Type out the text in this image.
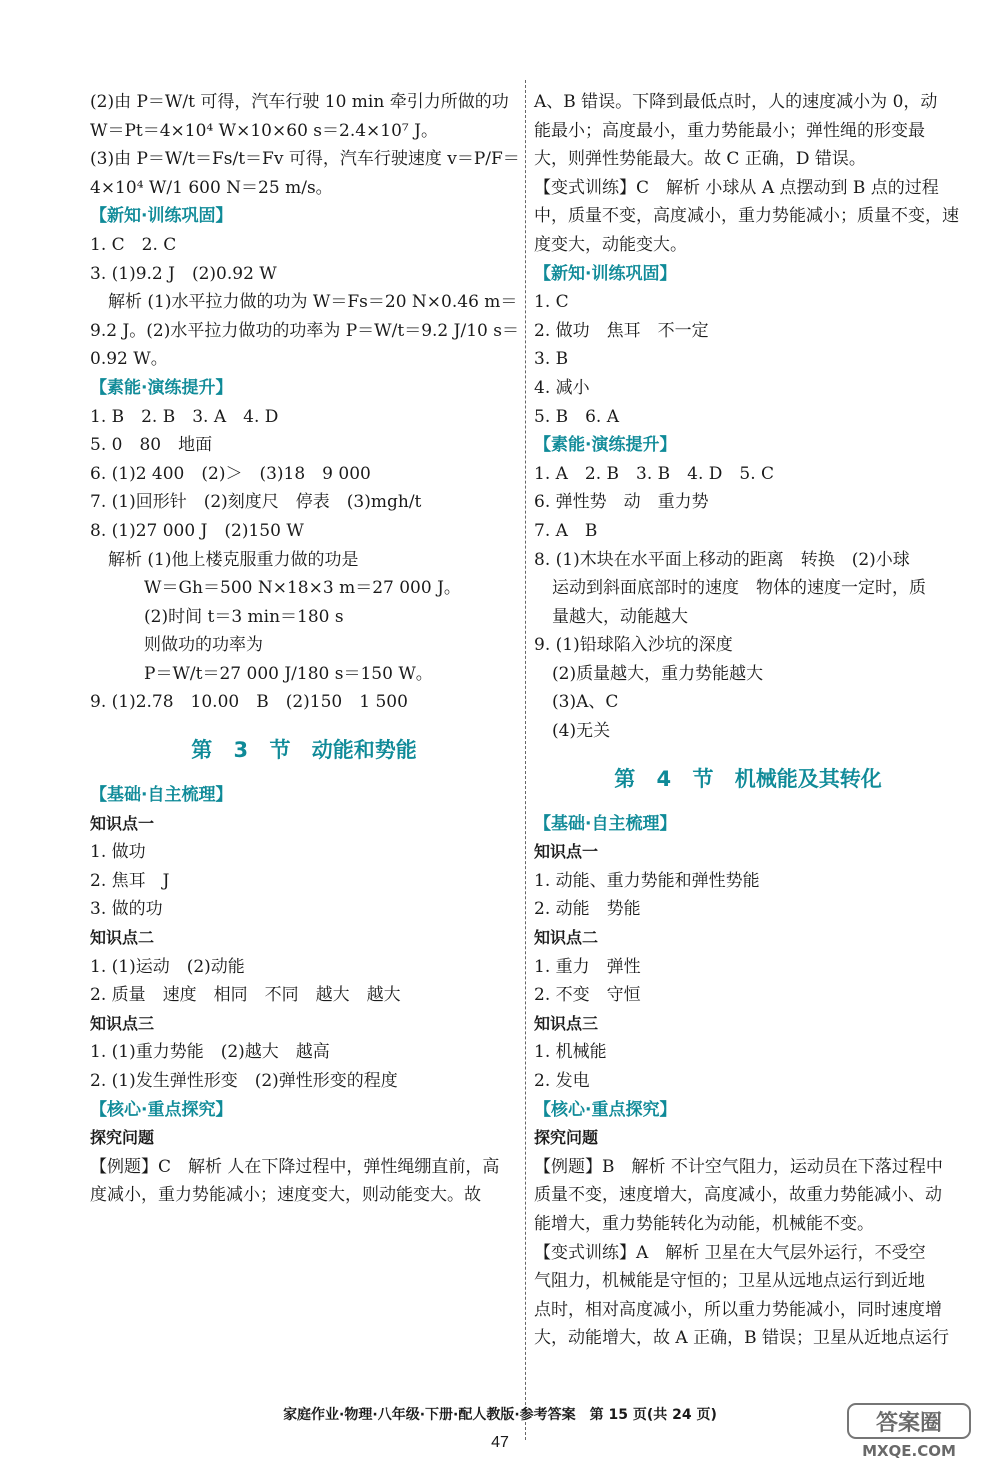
(2)由 P＝W/t 可得，汽车行驶 10 min 牵引力所做的功
W＝Pt＝4×10⁴ W×10×60 s＝2.4×10⁷ J。
(3)由 P＝W/t＝Fs/t＝Fv 可得，汽车行驶速度 v＝P/F＝
4×10⁴ W/1 600 N＝25 m/s。
【新知·训练巩固】
1. C　2. C
3. (1)9.2 J　(2)0.92 W
解析 (1)水平拉力做的功为 W＝Fs＝20 N×0.46 m＝
9.2 J。(2)水平拉力做功的功率为 P＝W/t＝9.2 J/10 s＝
0.92 W。
【素能·演练提升】
1. B　2. B　3. A　4. D
5. 0　80　地面
6. (1)2 400　(2)＞　(3)18　9 000
7. (1)回形针　(2)刻度尺　停表　(3)mgh/t
8. (1)27 000 J　(2)150 W
解析 (1)他上楼克服重力做的功是
W＝Gh＝500 N×18×3 m＝27 000 J。
(2)时间 t＝3 min＝180 s
则做功的功率为
P＝W/t＝27 000 J/180 s＝150 W。
9. (1)2.78　10.00　B　(2)150　1 500
第 3 节 动能和势能
【基础·自主梳理】
知识点一
1. 做功
2. 焦耳　J
3. 做的功
知识点二
1. (1)运动　(2)动能
2. 质量　速度　相同　不同　越大　越大
知识点三
1. (1)重力势能　(2)越大　越高
2. (1)发生弹性形变　(2)弹性形变的程度
【核心·重点探究】
探究问题
【例题】C　解析 人在下降过程中，弹性绳绷直前，高
度减小，重力势能减小；速度变大，则动能变大。故
A、B 错误。下降到最低点时，人的速度减小为 0，动
能最小；高度最小，重力势能最小；弹性绳的形变最
大，则弹性势能最大。故 C 正确，D 错误。
【变式训练】C　解析 小球从 A 点摆动到 B 点的过程
中，质量不变，高度减小，重力势能减小；质量不变，速
度变大，动能变大。
【新知·训练巩固】
1. C
2. 做功　焦耳　不一定
3. B
4. 减小
5. B　6. A
【素能·演练提升】
1. A　2. B　3. B　4. D　5. C
6. 弹性势　动　重力势
7. A　B
8. (1)木块在水平面上移动的距离　转换　(2)小球
运动到斜面底部时的速度　物体的速度一定时，质
量越大，动能越大
9. (1)铅球陷入沙坑的深度
(2)质量越大，重力势能越大
(3)A、C
(4)无关
第 4 节 机械能及其转化
【基础·自主梳理】
知识点一
1. 动能、重力势能和弹性势能
2. 动能　势能
知识点二
1. 重力　弹性
2. 不变　守恒
知识点三
1. 机械能
2. 发电
【核心·重点探究】
探究问题
【例题】B　解析 不计空气阻力，运动员在下落过程中
质量不变，速度增大，高度减小，故重力势能减小、动
能增大，重力势能转化为动能，机械能不变。
【变式训练】A　解析 卫星在大气层外运行，不受空
气阻力，机械能是守恒的；卫星从远地点运行到近地
点时，相对高度减小，所以重力势能减小，同时速度增
大，动能增大，故 A 正确，B 错误；卫星从近地点运行
家庭作业·物理·八年级·下册·配人教版·参考答案　第 15 页(共 24 页)
47
答案圈
MXQE.COM
